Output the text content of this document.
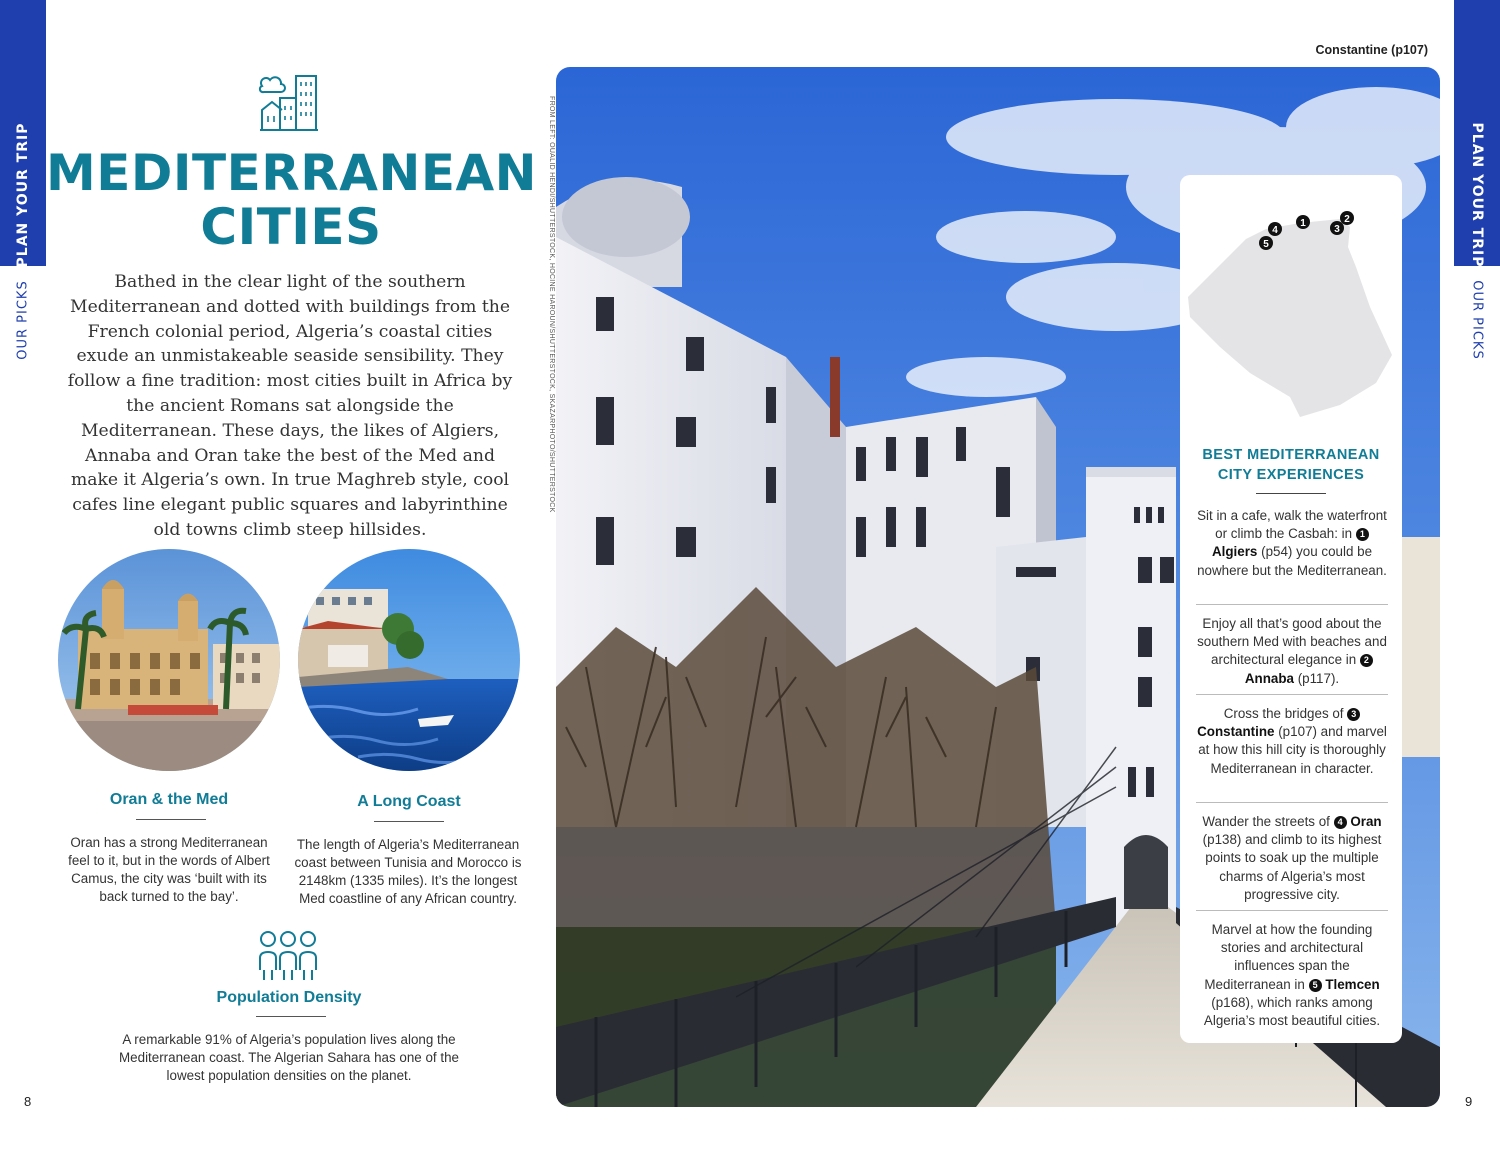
PLAN YOUR TRIP
OUR PICKS
PLAN YOUR TRIP
OUR PICKS
8	9
MEDITERRANEAN
CITIES

Bathed in the clear light of the southern Mediterranean and dotted with buildings from the French colonial period, Algeria’s coastal cities exude an unmistakeable seaside sensibility. They follow a fine tradition: most cities built in Africa by the ancient Romans sat alongside the Mediterranean. These days, the likes of Algiers, Annaba and Oran take the best of the Med and make it Algeria’s own. In true Maghreb style, cool cafes line elegant public squares and labyrinthine old towns climb steep hillsides.

Oran & the Med
Oran has a strong Mediterranean feel to it, but in the words of Albert Camus, the city was ‘built with its back turned to the bay’.
A Long Coast
The length of Algeria’s Mediterranean coast between Tunisia and Morocco is 2148km (1335 miles). It’s the longest Med coastline of any African country.
Population Density
A remarkable 91% of Algeria’s population lives along the Mediterranean coast. The Algerian Sahara has one of the lowest population densities on the planet.
FROM LEFT: OUALID HENDI/SHUTTERSTOCK, HOCINE HAROUN/SHUTTERSTOCK, SKAZARPHOTO/SHUTTERSTOCK
Constantine (p107)
1	2
3
4
5
BEST MEDITERRANEAN
CITY EXPERIENCES
Sit in a cafe, walk the waterfront or climb the Casbah: in 1 Algiers (p54) you could be nowhere but the Mediterranean.
Enjoy all that’s good about the southern Med with beaches and architectural elegance in 2 Annaba (p117).
Cross the bridges of 3 Constantine (p107) and marvel at how this hill city is thoroughly Mediterranean in character.
Wander the streets of 4 Oran (p138) and climb to its highest points to soak up the multiple charms of Algeria’s most progressive city.
Marvel at how the founding stories and architectural influences span the Mediterranean in 5 Tlemcen (p168), which ranks among Algeria’s most beautiful cities.
